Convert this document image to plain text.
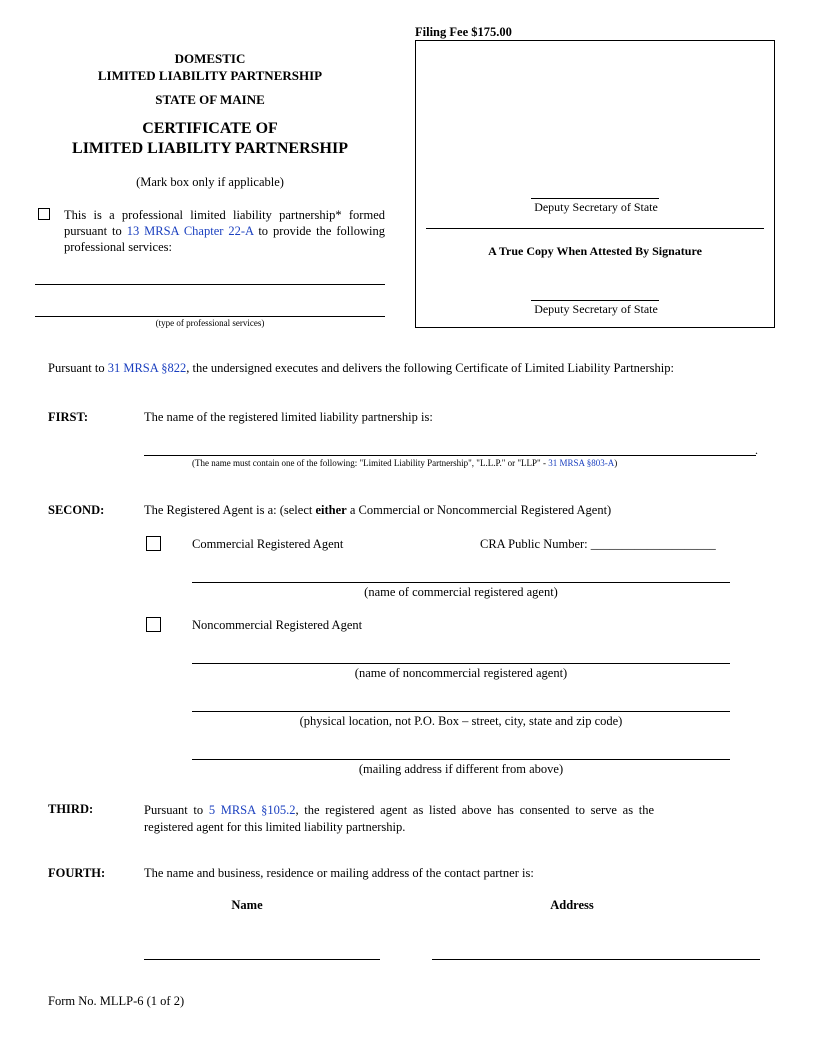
DOMESTIC
LIMITED LIABILITY PARTNERSHIP
STATE OF MAINE
CERTIFICATE OF
LIMITED LIABILITY PARTNERSHIP
(Mark box only if applicable)
This is a professional limited liability partnership* formed pursuant to 13 MRSA Chapter 22-A to provide the following professional services:
(type of professional services)
Filing Fee $175.00
Deputy Secretary of State
A True Copy When Attested By Signature
Deputy Secretary of State
Pursuant to 31 MRSA §822, the undersigned executes and delivers the following Certificate of Limited Liability Partnership:
FIRST:	The name of the registered limited liability partnership is:
.
(The name must contain one of the following: "Limited Liability Partnership", "L.L.P." or "LLP" - 31 MRSA §803-A)
SECOND:	The Registered Agent is a: (select either a Commercial or Noncommercial Registered Agent)
Commercial Registered Agent	CRA Public Number: ____________________
(name of commercial registered agent)
Noncommercial Registered Agent
(name of noncommercial registered agent)
(physical location, not P.O. Box – street, city, state and zip code)
(mailing address if different from above)
THIRD:	Pursuant to 5 MRSA §105.2, the registered agent as listed above has consented to serve as the registered agent for this limited liability partnership.
FOURTH:	The name and business, residence or mailing address of the contact partner is:
Name	Address
Form No. MLLP-6 (1 of 2)
